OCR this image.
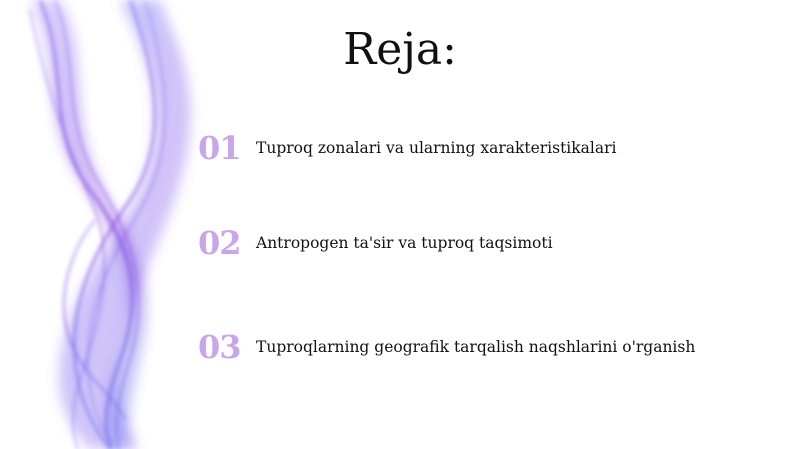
Reja:
01 Tuproq zonalari va ularning xarakteristikalari
02 Antropogen ta'sir va tuproq taqsimoti
03 Tuproqlarning geografik tarqalish naqshlarini o'rganish
